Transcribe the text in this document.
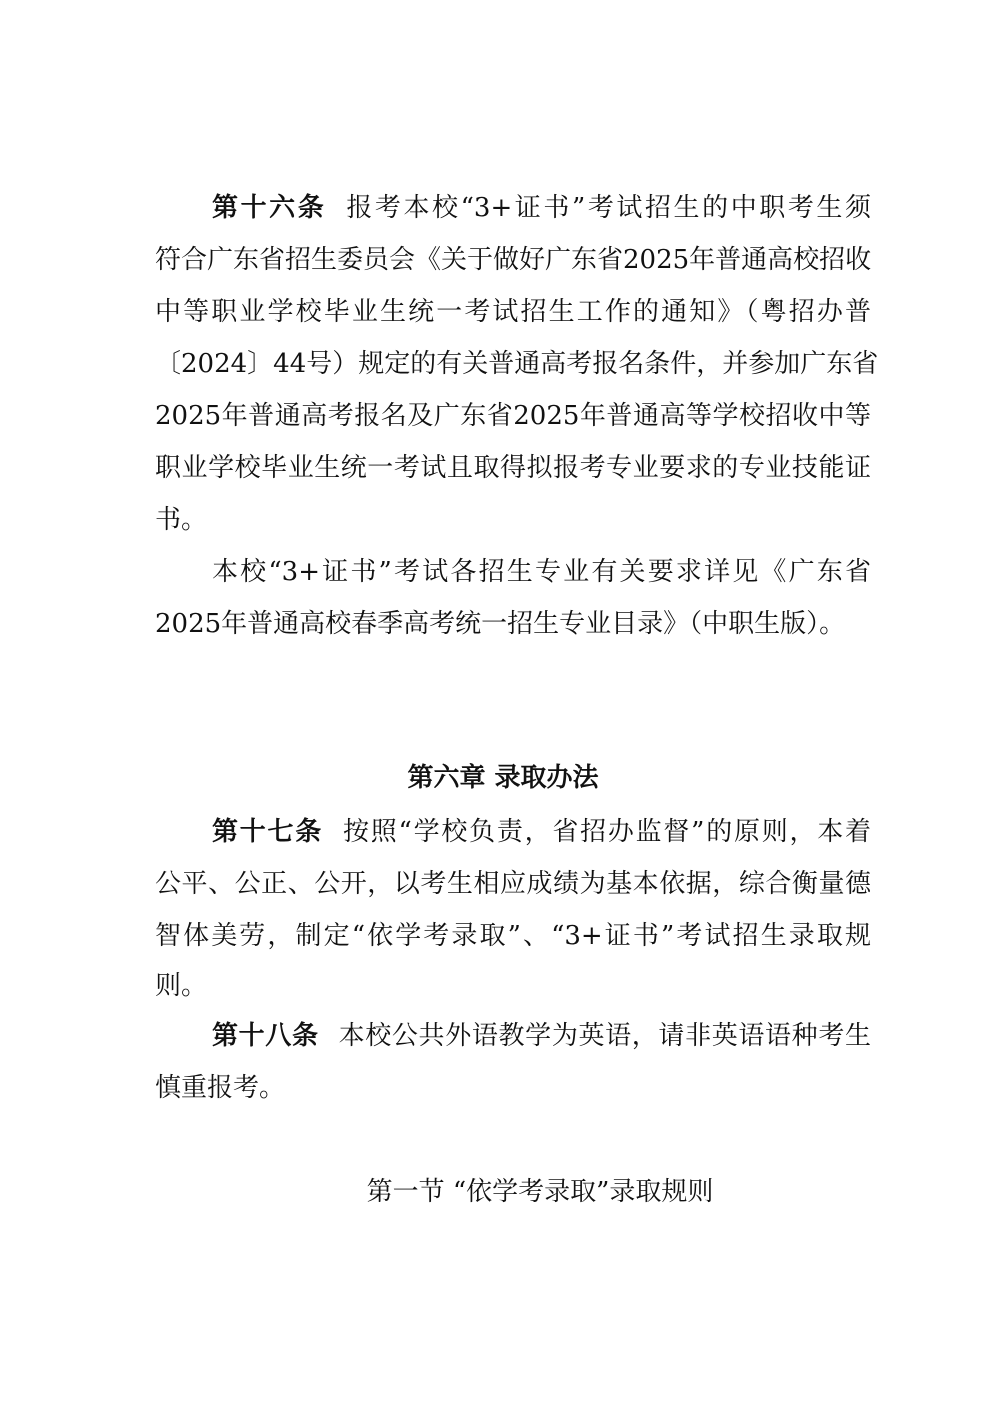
第十六条 报考本校“3+证书”考试招生的中职考生须
符合广东省招生委员会《关于做好广东省2025年普通高校招收
中等职业学校毕业生统一考试招生工作的通知》（粤招办普
〔2024〕44号）规定的有关普通高考报名条件，并参加广东省
2025年普通高考报名及广东省2025年普通高等学校招收中等
职业学校毕业生统一考试且取得拟报考专业要求的专业技能证
书。
本校“3+证书”考试各招生专业有关要求详见《广东省
2025年普通高校春季高考统一招生专业目录》（中职生版）。
第六章 录取办法
第十七条 按照“学校负责，省招办监督”的原则，本着
公平、公正、公开，以考生相应成绩为基本依据，综合衡量德
智体美劳，制定“依学考录取”、“3+证书”考试招生录取规
则。
第十八条 本校公共外语教学为英语，请非英语语种考生
慎重报考。
第一节 “依学考录取”录取规则
